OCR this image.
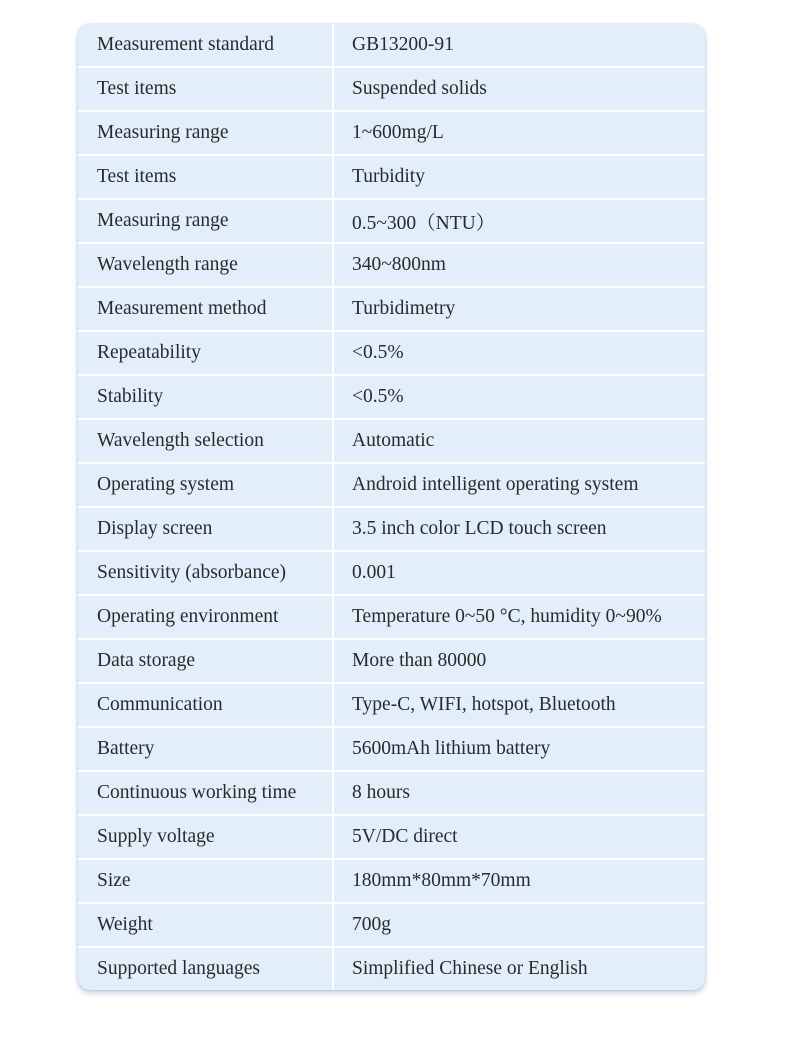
Measurement standard	GB13200-91
Test items	Suspended solids
Measuring range	1~600mg/L
Test items	Turbidity
Measuring range	0.5~300（NTU）
Wavelength range	340~800nm
Measurement method	Turbidimetry
Repeatability	<0.5%
Stability	<0.5%
Wavelength selection	Automatic
Operating system	Android intelligent operating system
Display screen	3.5 inch color LCD touch screen
Sensitivity (absorbance)	0.001
Operating environment	Temperature 0~50 °C, humidity 0~90%
Data storage	More than 80000
Communication	Type-C, WIFI, hotspot, Bluetooth
Battery	5600mAh lithium battery
Continuous working time	8 hours
Supply voltage	5V/DC direct
Size	180mm*80mm*70mm
Weight	700g
Supported languages	Simplified Chinese or English
